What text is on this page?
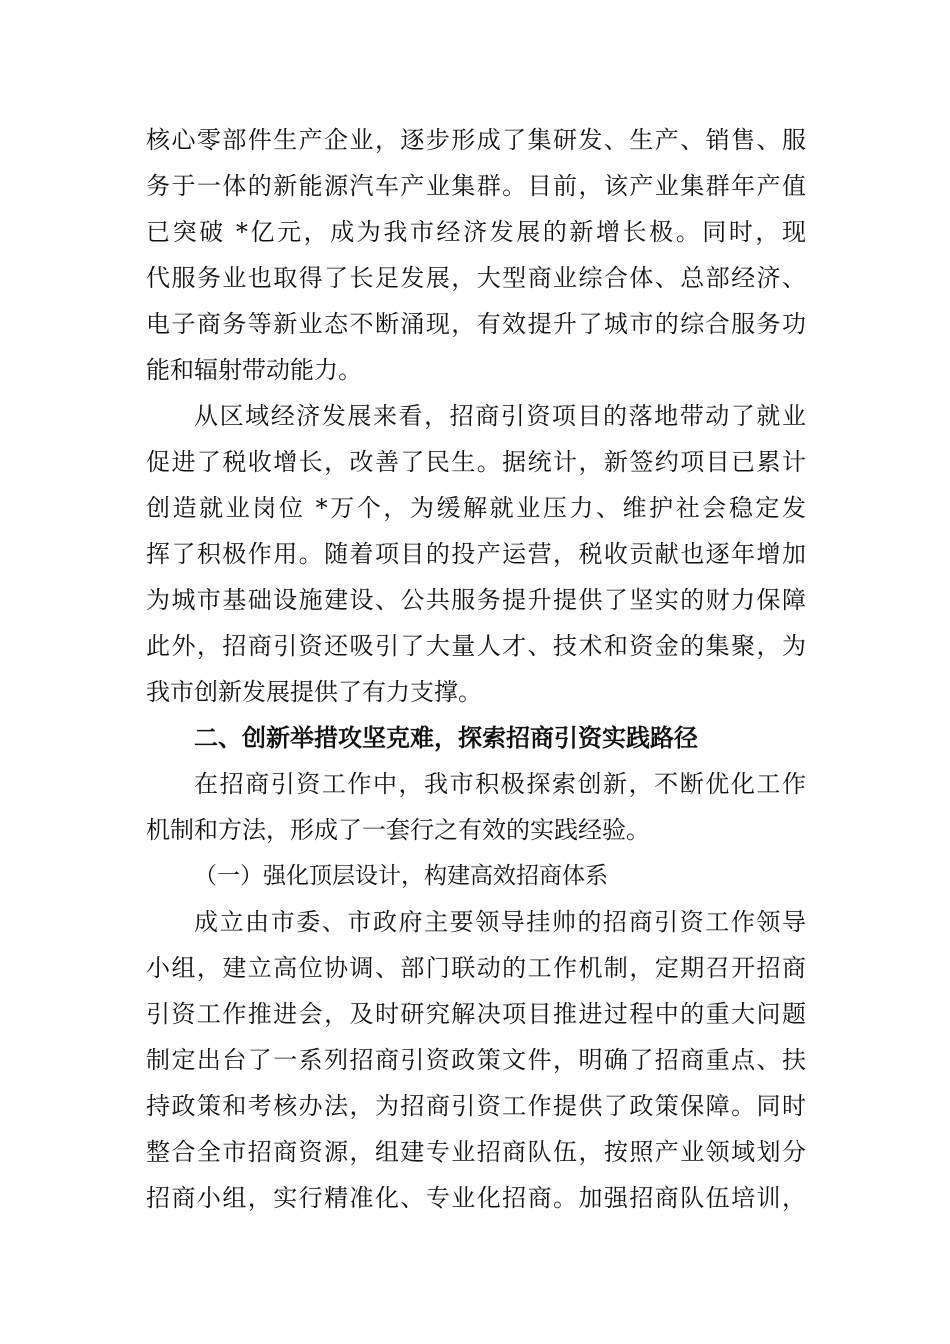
核心零部件生产企业，逐步形成了集研发、生产、销售、服
务于一体的新能源汽车产业集群。目前，该产业集群年产值
已突破 *亿元，成为我市经济发展的新增长极。同时，现
代服务业也取得了长足发展，大型商业综合体、总部经济、
电子商务等新业态不断涌现，有效提升了城市的综合服务功
能和辐射带动能力。
从区域经济发展来看，招商引资项目的落地带动了就业
促进了税收增长，改善了民生。据统计，新签约项目已累计
创造就业岗位 *万个，为缓解就业压力、维护社会稳定发
挥了积极作用。随着项目的投产运营，税收贡献也逐年增加
为城市基础设施建设、公共服务提升提供了坚实的财力保障
此外，招商引资还吸引了大量人才、技术和资金的集聚，为
我市创新发展提供了有力支撑。
二、创新举措攻坚克难，探索招商引资实践路径
在招商引资工作中，我市积极探索创新，不断优化工作
机制和方法，形成了一套行之有效的实践经验。
（一）强化顶层设计，构建高效招商体系
成立由市委、市政府主要领导挂帅的招商引资工作领导
小组，建立高位协调、部门联动的工作机制，定期召开招商
引资工作推进会，及时研究解决项目推进过程中的重大问题
制定出台了一系列招商引资政策文件，明确了招商重点、扶
持政策和考核办法，为招商引资工作提供了政策保障。同时
整合全市招商资源，组建专业招商队伍，按照产业领域划分
招商小组，实行精准化、专业化招商。加强招商队伍培训，
